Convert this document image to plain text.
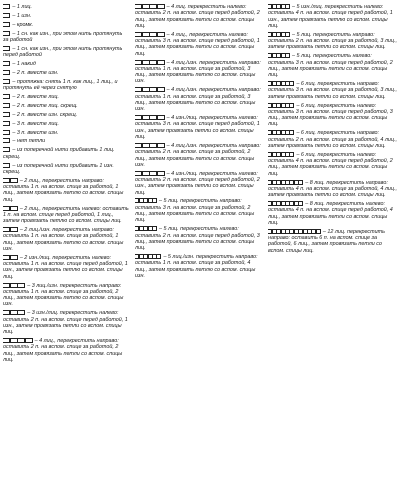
– 1 лиц.
– 1 изн.
– кромк.
– 1 сн. как изн., при этом нить протянуть за работой
– 1 сн. как изн., при этом нить протянуть перед работой
– 1 накид
– 2 п. вместе изн.
– протяжка: снять 1 п. как лиц., 1 лиц., и протянуть её через снятую
– 2 п. вместе лиц.
– 2 п. вместе лиц. скрещ.
– 2 п. вместе изн. скрещ.
– 3 п. вместе лиц.
– 3 п. вместе изн.
– нет петли
– из поперечной нити прибавить 1 лиц. скрещ.
– из поперечной нити прибавить 1 изн. скрещ.
– 2 лиц., перекрестить направо: оставить 1 п. на вспом. спице за работой, 1 лиц., затем провязать петлю со вспом. спицы лиц.
– 2 лиц., перекрестить налево: оставить 1 п. на вспом. спице перед работой, 1 лиц., затем провязать петлю со вспом. спицы лиц.
– 2 лиц./изн. перекрестить направо: оставить 1 п. на вспом. спице за работой, 1 лиц., затем провязать петлю со вспом. спицы изн.
– 2 изн./лиц. перекрестить налево: оставить 1 п. на вспом. спице перед работой, 1 изн., затем провязать петлю со вспом. спицы лиц.
– 3 лиц./изн. перекрестить направо: оставить 1 п. на вспом. спице за работой, 2 лиц., затем провязать петлю со вспом. спицы изн.
– 3 изн./лиц. перекрестить налево: оставить 2 п. на вспом. спице перед работой, 1 изн., затем провязать петли со вспом. спицы лиц.
– 4 лиц., перекрестить направо: оставить 2 п. на вспом. спице за работой, 2 лиц., затем провязать петли со вспом. спицы лиц.
– 4 лиц. перекрестить налево: оставить 2 п. на вспом. спице перед работой, 2 лиц., затем провязать петли со вспом. спицы лиц.
– 4 лиц., перекрестить налево: оставить 3 п. на вспом. спице перед работой, 1 лиц., затем провязать петли со вспом. спицы лиц.
– 4 лиц./изн. перекрестить направо: оставить 1 п. на вспом. спице за работой, 3 лиц., затем провязать петлю со вспом. спицы изн.
– 4 лиц./изн. перекрестить направо: оставить 1 п. на вспом. спице за работой, 3 лиц., затем провязать петлю со вспом. спицы изн.
– 4 изн./лиц. перекрестить налево: оставить 3 п. на вспом. спице перед работой, 1 изн., затем провязать петли со вспом. спицы лиц.
– 4 лиц./изн. перекрестить направо: оставить 2 п. на вспом. спице за работой, 2 лиц., затем провязать петли со вспом. спицы изн.
– 4 изн./лиц. перекрестить налево: оставить 2 п. на вспом. спице перед работой, 2 изн., затем провязать петли со вспом. спицы лиц.
– 5 лиц. перекрестить направо: оставить 3 п. на вспом. спице за работой, 2 лиц., затем провязать петли со вспом. спицы лиц.
– 5 лиц. перекрестить налево: оставить 2 п. на вспом. спице перед работой, 3 лиц., затем провязать петли со вспом. спицы лиц.
– 5 лиц./изн. перекрестить направо: оставить 1 п. на вспом. спице за работой, 4 лиц., затем провязать петлю со вспом. спицы изн.
– 5 изн./лиц. перекрестить налево: оставить 4 п. на вспом. спице перед работой, 1 изн., затем провязать петлю со вспом. спицы лиц.
– 5 лиц. перекрестить направо: оставить 2 п. на вспом. спице за работой, 3 лиц., затем провязать петли со вспом. спицы лиц.
– 5 лиц. перекрестить налево: оставить 3 п. на вспом. спице перед работой, 2 лиц., затем провязать петли со вспом. спицы лиц.
– 6 лиц. перекрестить направо: оставить 3 п. на вспом. спице за работой, 3 лиц., затем провязать петли со вспом. спицы лиц.
– 6 лиц. перекрестить налево: оставить 3 п. на вспом. спице перед работой, 3 лиц., затем провязать петли со вспом. спицы лиц.
– 6 лиц. перекрестить направо: оставить 2 п. на вспом. спице за работой, 4 лиц., затем провязать петли со вспом. спицы лиц.
– 6 лиц. перекрестить налево: оставить 4 п. на вспом. спице перед работой, 2 лиц., затем провязать петли со вспом. спицы лиц.
– 8 лиц. перекрестить направо: оставить 4 п. на вспом. спице за работой, 4 лиц., затем провязать петли со вспом. спицы лиц.
– 8 лиц. перекрестить налево: оставить 4 п. на вспом. спице перед работой, 4 лиц., затем провязать петли со вспом. спицы лиц.
– 12 лиц. перекрестить направо: оставить 6 п. на вспом. спице за работой, 6 лиц., затем провязать петли со вспом. спицы лиц.
